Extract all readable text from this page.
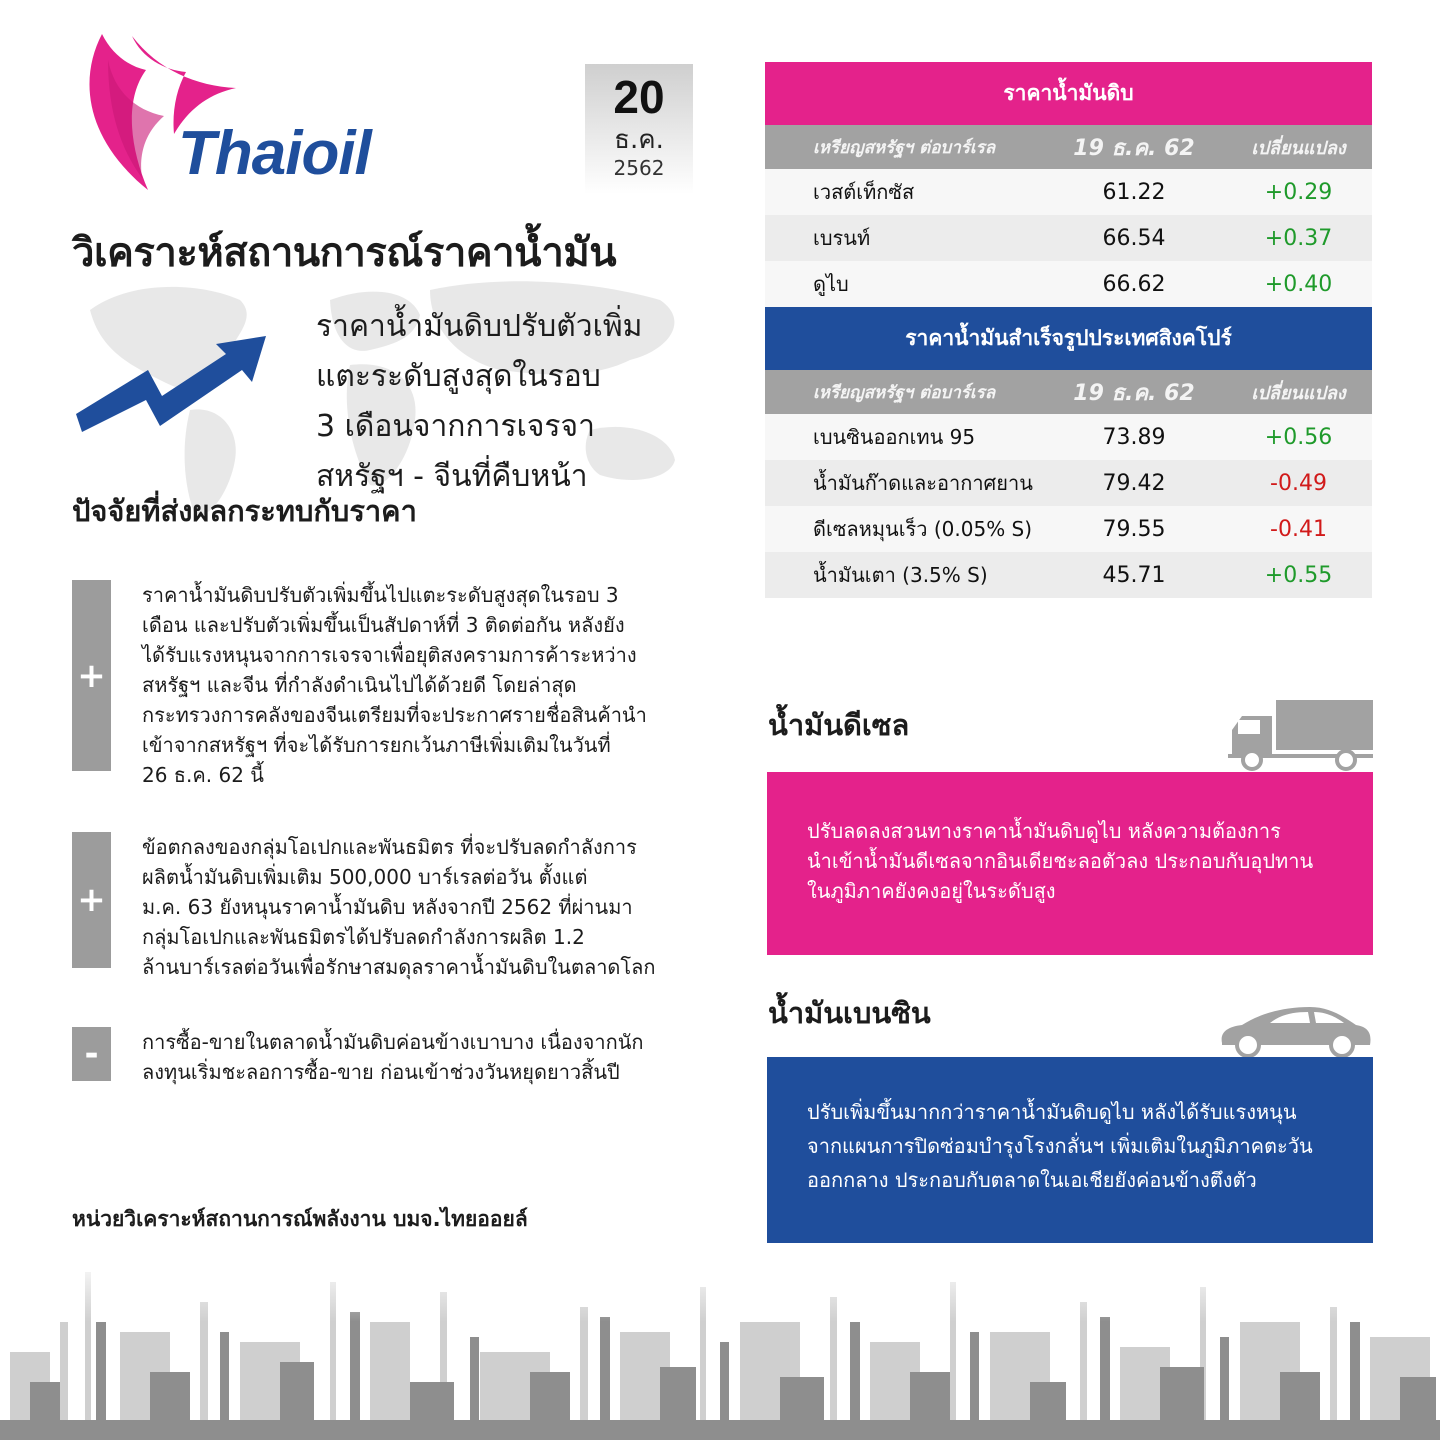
Thaioil
20
ธ.ค.
2562
วิเคราะห์สถานการณ์ราคาน้ำมัน
ราคาน้ำมันดิบปรับตัวเพิ่ม
แตะระดับสูงสุดในรอบ
3 เดือนจากการเจรจา
สหรัฐฯ - จีนที่คืบหน้า
ปัจจัยที่ส่งผลกระทบกับราคา
+
ราคาน้ำมันดิบปรับตัวเพิ่มขึ้นไปแตะระดับสูงสุดในรอบ 3
เดือน และปรับตัวเพิ่มขึ้นเป็นสัปดาห์ที่ 3 ติดต่อกัน หลังยัง
ได้รับแรงหนุนจากการเจรจาเพื่อยุติสงครามการค้าระหว่าง
สหรัฐฯ และจีน ที่กำลังดำเนินไปได้ด้วยดี โดยล่าสุด
กระทรวงการคลังของจีนเตรียมที่จะประกาศรายชื่อสินค้านำ
เข้าจากสหรัฐฯ ที่จะได้รับการยกเว้นภาษีเพิ่มเติมในวันที่
26 ธ.ค. 62 นี้
+
ข้อตกลงของกลุ่มโอเปกและพันธมิตร ที่จะปรับลดกำลังการ
ผลิตน้ำมันดิบเพิ่มเติม 500,000 บาร์เรลต่อวัน ตั้งแต่
ม.ค. 63 ยังหนุนราคาน้ำมันดิบ หลังจากปี 2562 ที่ผ่านมา
กลุ่มโอเปกและพันธมิตรได้ปรับลดกำลังการผลิต 1.2
ล้านบาร์เรลต่อวันเพื่อรักษาสมดุลราคาน้ำมันดิบในตลาดโลก
-	การซื้อ-ขายในตลาดน้ำมันดิบค่อนข้างเบาบาง เนื่องจากนัก
ลงทุนเริ่มชะลอการซื้อ-ขาย ก่อนเข้าช่วงวันหยุดยาวสิ้นปี
หน่วยวิเคราะห์สถานการณ์พลังงาน บมจ.ไทยออยล์
ราคาน้ำมันดิบ		
เหรียญสหรัฐฯ ต่อบาร์เรล	19 ธ.ค. 62	เปลี่ยนแปลง
เวสต์เท็กซัส	61.22	+0.29
เบรนท์	66.54	+0.37
ดูไบ	66.62	+0.40
ราคาน้ำมันสำเร็จรูปประเทศสิงคโปร์		
เหรียญสหรัฐฯ ต่อบาร์เรล	19 ธ.ค. 62	เปลี่ยนแปลง
เบนซินออกเทน 95	73.89	+0.56
น้ำมันก๊าดและอากาศยาน	79.42	-0.49
ดีเซลหมุนเร็ว (0.05% S)	79.55	-0.41
น้ำมันเตา (3.5% S)	45.71	+0.55
น้ำมันดีเซล
ปรับลดลงสวนทางราคาน้ำมันดิบดูไบ หลังความต้องการ
นำเข้าน้ำมันดีเซลจากอินเดียชะลอตัวลง ประกอบกับอุปทาน
ในภูมิภาคยังคงอยู่ในระดับสูง
น้ำมันเบนซิน
ปรับเพิ่มขึ้นมากกว่าราคาน้ำมันดิบดูไบ หลังได้รับแรงหนุน
จากแผนการปิดซ่อมบำรุงโรงกลั่นฯ เพิ่มเติมในภูมิภาคตะวัน
ออกกลาง ประกอบกับตลาดในเอเชียยังค่อนข้างตึงตัว
